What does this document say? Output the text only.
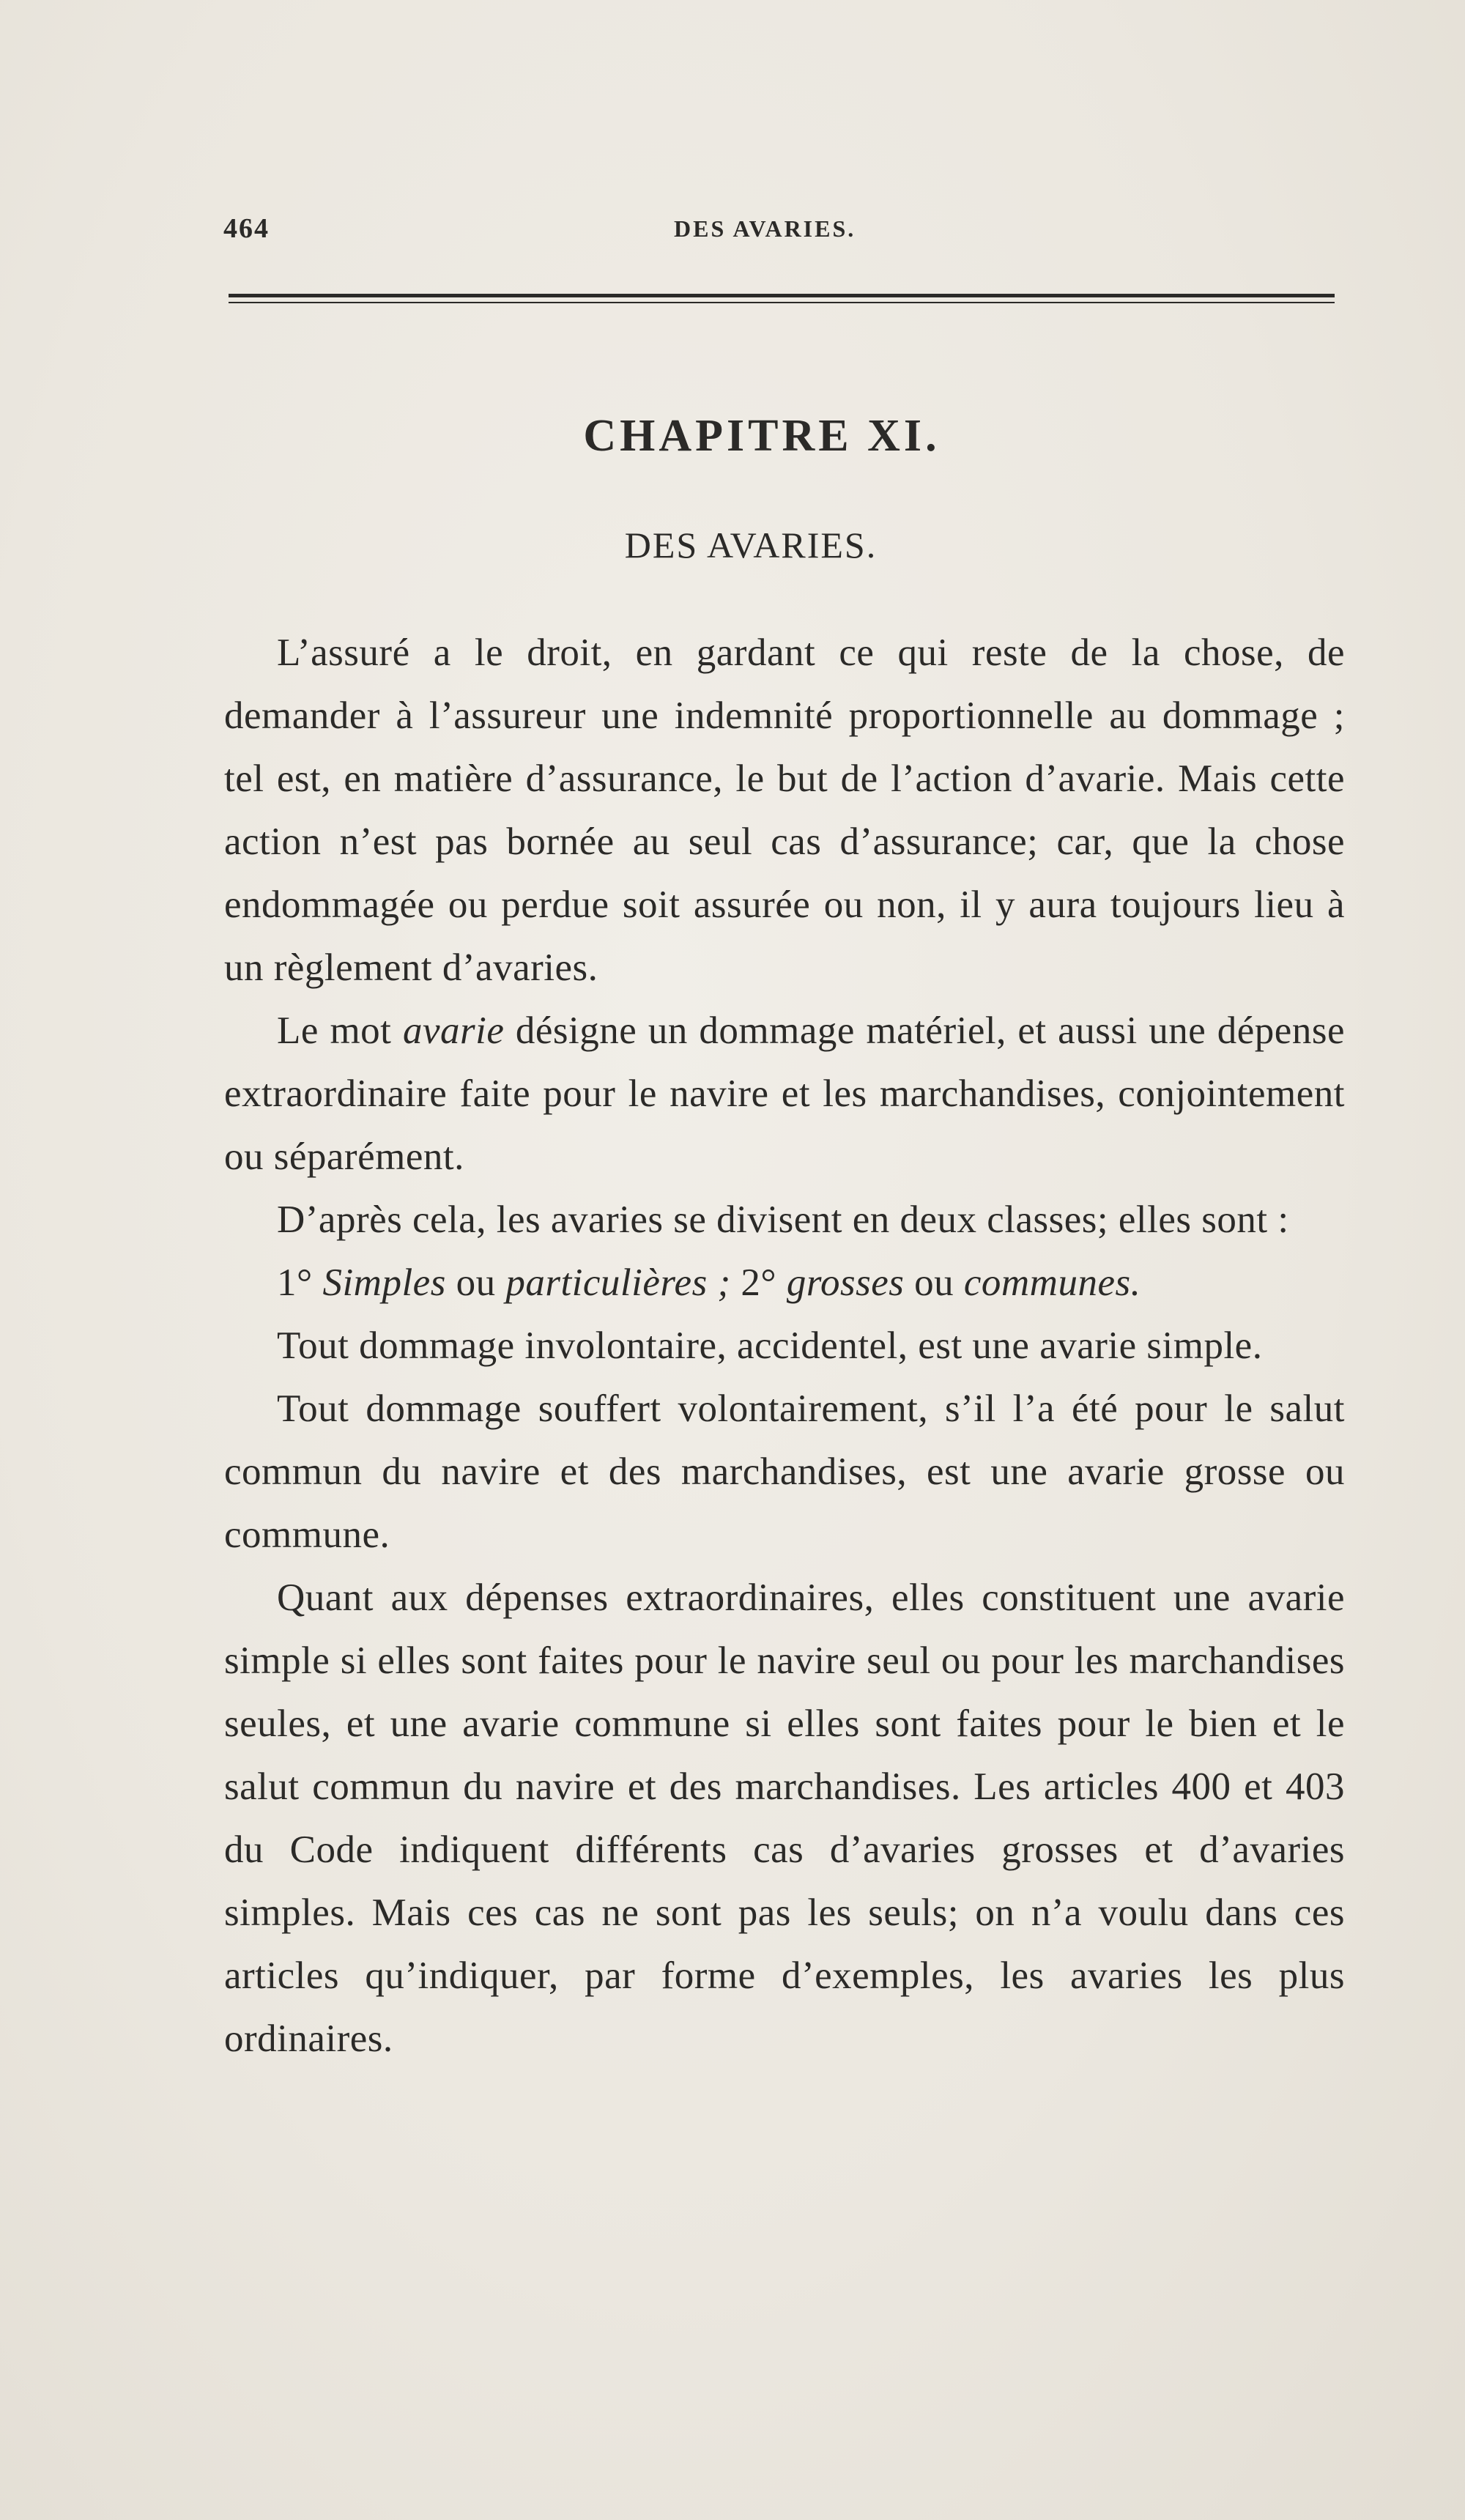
464	DES AVARIES.
CHAPITRE XI.
DES AVARIES.

L’assuré a le droit, en gardant ce qui reste de la chose, de demander à l’assureur une indemnité proportionnelle au dommage ; tel est, en matière d’assurance, le but de l’action d’avarie. Mais cette action n’est pas bornée au seul cas d’assurance; car, que la chose endommagée ou perdue soit assurée ou non, il y aura toujours lieu à un règlement d’avaries.

Le mot avarie désigne un dommage matériel, et aussi une dépense extraordinaire faite pour le navire et les marchandises, conjointement ou séparément.

D’après cela, les avaries se divisent en deux classes; elles sont :

1° Simples ou particulières ; 2° grosses ou communes.

Tout dommage involontaire, accidentel, est une avarie simple.

Tout dommage souffert volontairement, s’il l’a été pour le salut commun du navire et des marchandises, est une avarie grosse ou commune.

Quant aux dépenses extraordinaires, elles constituent une avarie simple si elles sont faites pour le navire seul ou pour les marchandises seules, et une avarie commune si elles sont faites pour le bien et le salut commun du navire et des marchandises. Les articles 400 et 403 du Code indiquent différents cas d’avaries grosses et d’avaries simples. Mais ces cas ne sont pas les seuls; on n’a voulu dans ces articles qu’indiquer, par forme d’exemples, les avaries les plus ordinaires.
